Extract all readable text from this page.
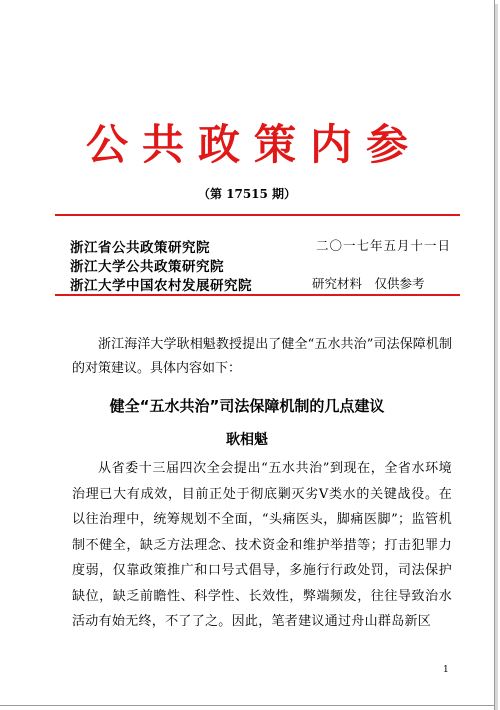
公共政策内参
（第 17515 期）
浙江省公共政策研究院
浙江大学公共政策研究院
浙江大学中国农村发展研究院
二〇一七年五月十一日
研究材料　仅供参考
浙江海洋大学耿相魁教授提出了健全“五水共治”司法保障机制的对策建议。具体内容如下：
健全“五水共治”司法保障机制的几点建议
耿相魁
从省委十三届四次全会提出“五水共治”到现在，全省水环境治理已大有成效，目前正处于彻底剿灭劣Ⅴ类水的关键战役。在以往治理中，统筹规划不全面，“头痛医头，脚痛医脚”；监管机制不健全，缺乏方法理念、技术资金和维护举措等；打击犯罪力度弱，仅靠政策推广和口号式倡导，多施行行政处罚，司法保护缺位，缺乏前瞻性、科学性、长效性，弊端频发，往往导致治水活动有始无终，不了了之。因此，笔者建议通过舟山群岛新区
1
